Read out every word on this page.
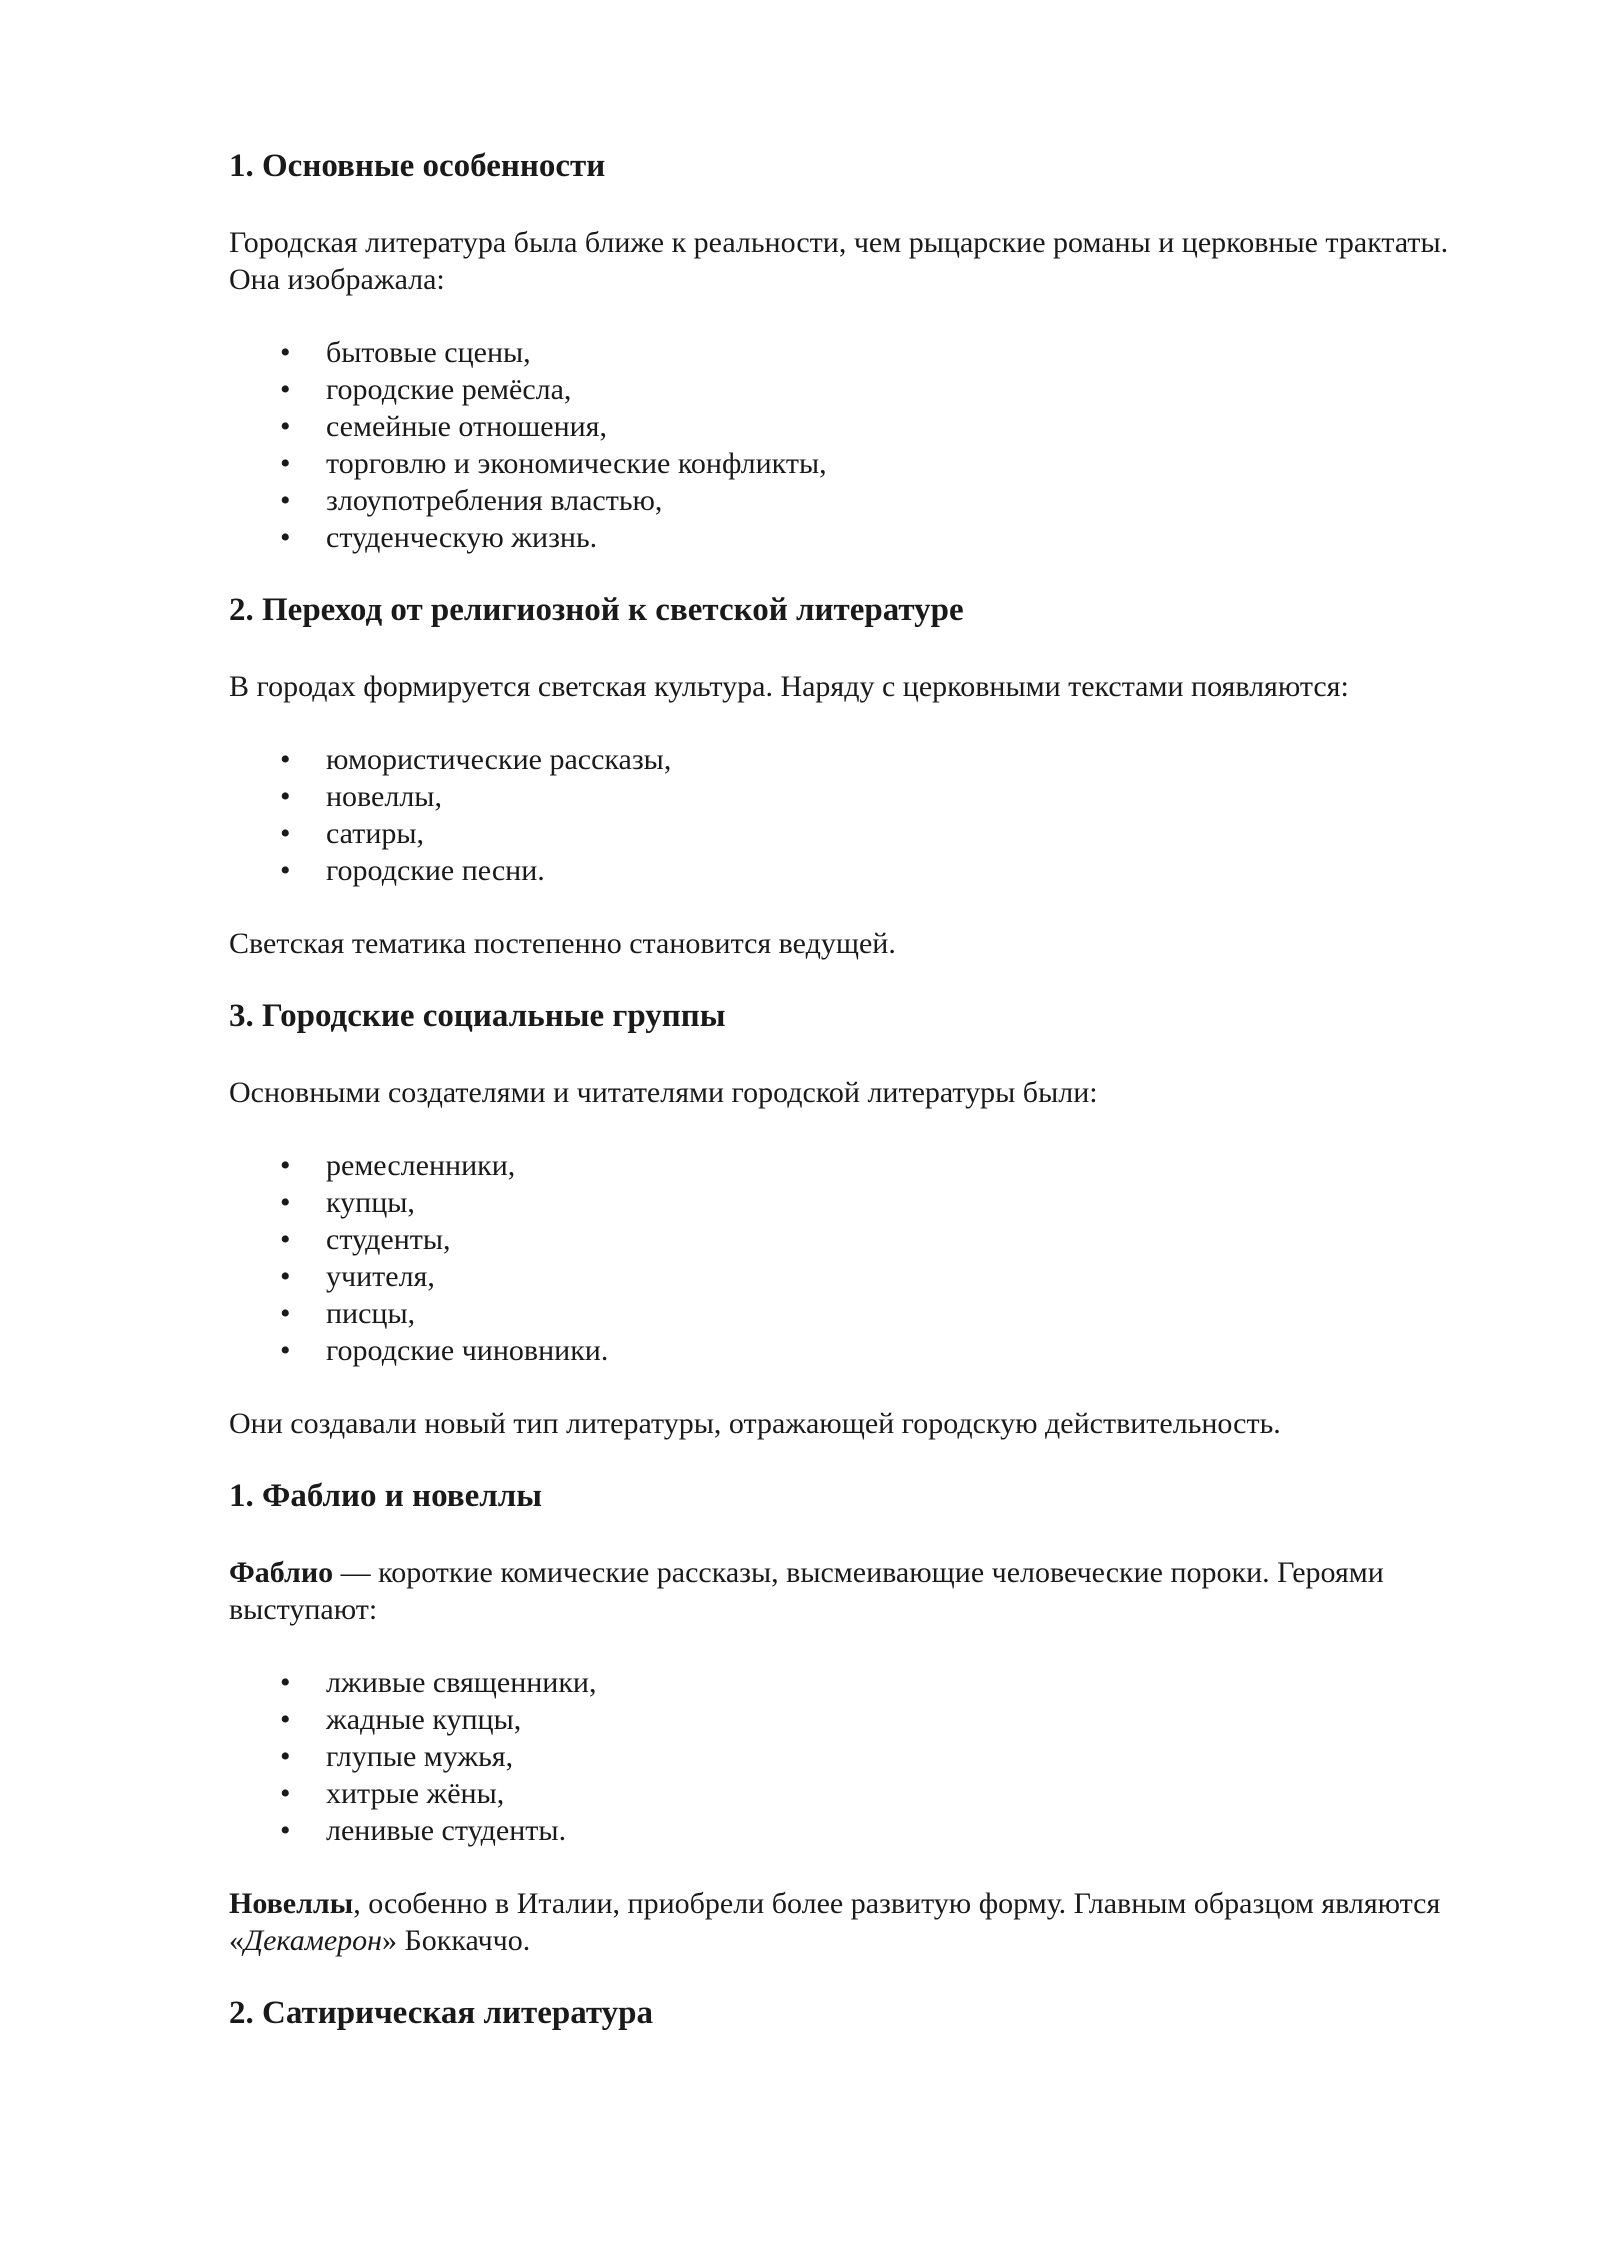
1. Основные особенности

Городская литература была ближе к реальности, чем рыцарские романы и церковные трактаты. Она изображала:

• бытовые сцены,
• городские ремёсла,
• семейные отношения,
• торговлю и экономические конфликты,
• злоупотребления властью,
• студенческую жизнь.
2. Переход от религиозной к светской литературе

В городах формируется светская культура. Наряду с церковными текстами появляются:

• юмористические рассказы,
• новеллы,
• сатиры,
• городские песни.

Светская тематика постепенно становится ведущей.

3. Городские социальные группы

Основными создателями и читателями городской литературы были:

• ремесленники,
• купцы,
• студенты,
• учителя,
• писцы,
• городские чиновники.

Они создавали новый тип литературы, отражающей городскую действительность.

1. Фаблио и новеллы

Фаблио — короткие комические рассказы, высмеивающие человеческие пороки. Героями выступают:

• лживые священники,
• жадные купцы,
• глупые мужья,
• хитрые жёны,
• ленивые студенты.

Новеллы, особенно в Италии, приобрели более развитую форму. Главным образцом являются «Декамерон» Боккаччо.

2. Сатирическая литература
